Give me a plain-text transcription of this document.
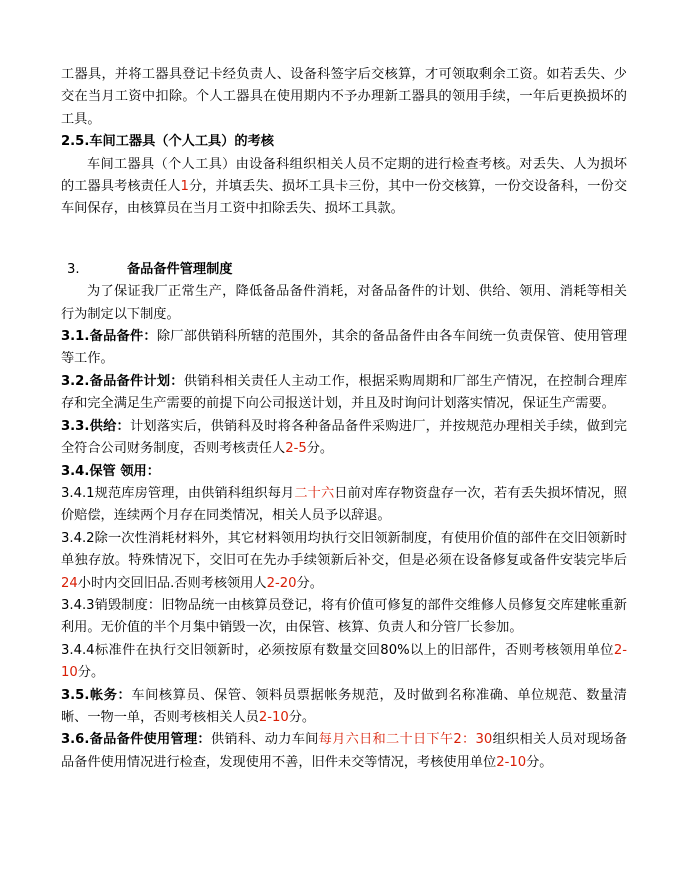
工器具，并将工器具登记卡经负责人、设备科签字后交核算，才可领取剩余工资。如若丢失、少交在当月工资中扣除。个人工器具在使用期内不予办理新工器具的领用手续，一年后更换损坏的工具。

2.5.车间工器具（个人工具）的考核

车间工器具（个人工具）由设备科组织相关人员不定期的进行检查考核。对丢失、人为损坏的工器具考核责任人1分，并填丢失、损坏工具卡三份，其中一份交核算，一份交设备科，一份交车间保存，由核算员在当月工资中扣除丢失、损坏工具款。

3.	备品备件管理制度

为了保证我厂正常生产，降低备品备件消耗，对备品备件的计划、供给、领用、消耗等相关行为制定以下制度。

3.1.备品备件：除厂部供销科所辖的范围外，其余的备品备件由各车间统一负责保管、使用管理等工作。

3.2.备品备件计划：供销科相关责任人主动工作，根据采购周期和厂部生产情况，在控制合理库存和完全满足生产需要的前提下向公司报送计划，并且及时询问计划落实情况，保证生产需要。

3.3.供给：计划落实后，供销科及时将各种备品备件采购进厂，并按规范办理相关手续，做到完全符合公司财务制度，否则考核责任人2-5分。

3.4.保管 领用：

3.4.1规范库房管理，由供销科组织每月二十六日前对库存物资盘存一次，若有丢失损坏情况，照价赔偿，连续两个月存在同类情况，相关人员予以辞退。

3.4.2除一次性消耗材料外，其它材料领用均执行交旧领新制度，有使用价值的部件在交旧领新时单独存放。特殊情况下，交旧可在先办手续领新后补交，但是必须在设备修复或备件安装完毕后24小时内交回旧品.否则考核领用人2-20分。

3.4.3销毁制度：旧物品统一由核算员登记，将有价值可修复的部件交维修人员修复交库建帐重新利用。无价值的半个月集中销毁一次，由保管、核算、负责人和分管厂长参加。

3.4.4标准件在执行交旧领新时，必须按原有数量交回80%以上的旧部件，否则考核领用单位2-10分。

3.5.帐务：车间核算员、保管、领料员票据帐务规范，及时做到名称准确、单位规范、数量清晰、一物一单，否则考核相关人员2-10分。

3.6.备品备件使用管理：供销科、动力车间每月六日和二十日下午2：30组织相关人员对现场备品备件使用情况进行检查，发现使用不善，旧件未交等情况，考核使用单位2-10分。
